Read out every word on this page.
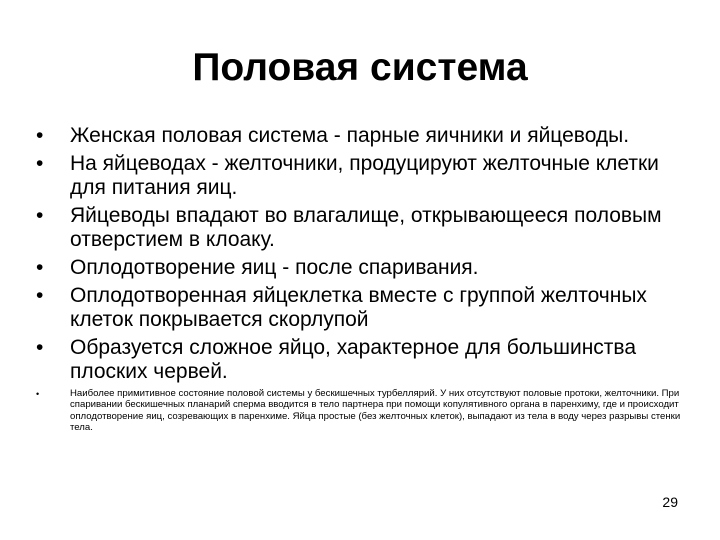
Половая система
•	Женская половая система - парные яичники и яйцеводы.
•	На яйцеводах - желточники, продуцируют желточные клетки для питания яиц.
•	Яйцеводы впадают во влагалище, открывающееся половым отверстием в клоаку.
•	Оплодотворение яиц - после спаривания.
•	Оплодотворенная яйцеклетка вместе с группой желточных клеток покрывается скорлупой
•	Образуется сложное яйцо, характерное для большинства плоских червей.
•	Наиболее примитивное состояние половой системы у бескишечных турбеллярий. У них отсутствуют половые протоки, желточники. При спаривании бескишечных планарий сперма вводится в тело партнера при помощи копулятивного органа в паренхиму, где и происходит оплодотворение яиц, созревающих в паренхиме. Яйца простые (без желточных клеток), выпадают из тела в воду через разрывы стенки тела.
29
